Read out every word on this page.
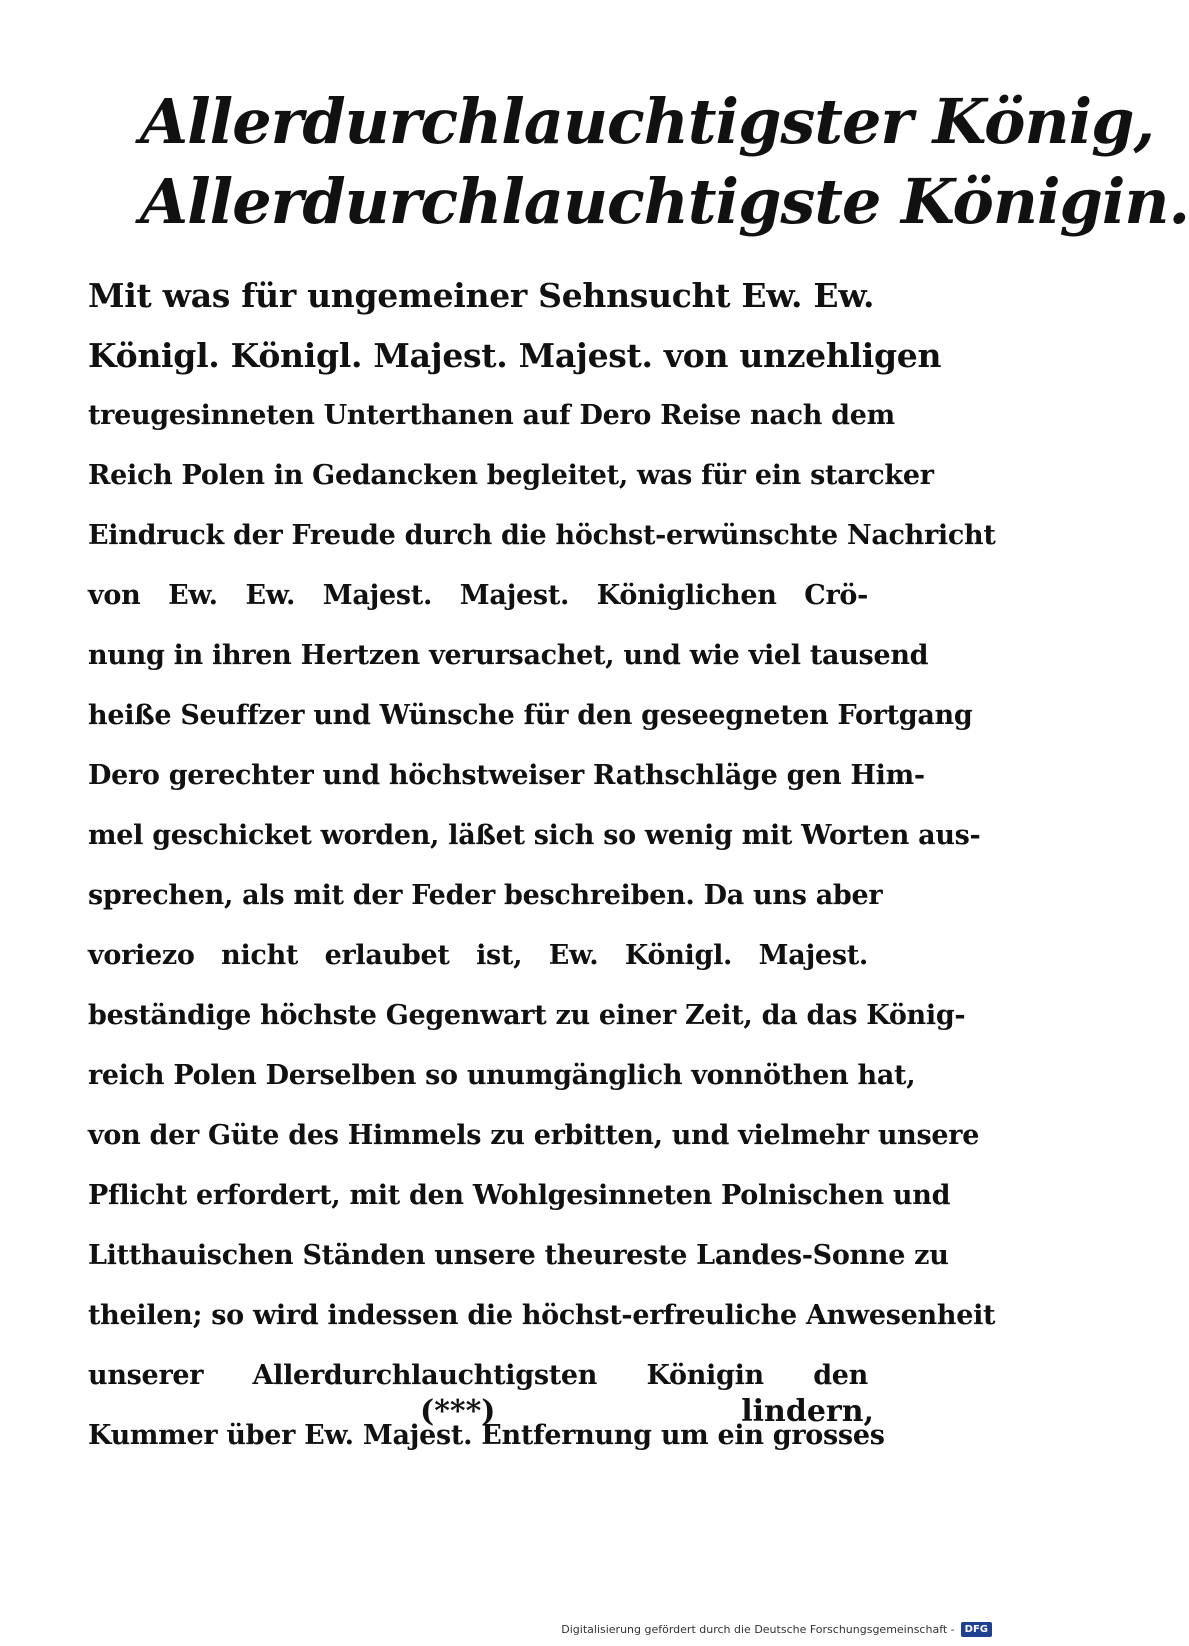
Allerdurchlauchtigster König,
Allerdurchlauchtigste Königin.
Mit was für ungemeiner Sehnsucht Ew. Ew.
Königl. Königl. Majest. Majest. von unzehligen
treugesinneten Unterthanen auf Dero Reise nach dem
Reich Polen in Gedancken begleitet, was für ein starcker
Eindruck der Freude durch die höchst-erwünschte Nachricht
von Ew. Ew. Majest. Majest. Königlichen Crö-
nung in ihren Hertzen verursachet, und wie viel tausend
heiße Seuffzer und Wünsche für den geseegneten Fortgang
Dero gerechter und höchstweiser Rathschläge gen Him-
mel geschicket worden, läßet sich so wenig mit Worten aus-
sprechen, als mit der Feder beschreiben. Da uns aber
voriezo nicht erlaubet ist, Ew. Königl. Majest.
beständige höchste Gegenwart zu einer Zeit, da das König-
reich Polen Derselben so unumgänglich vonnöthen hat,
von der Güte des Himmels zu erbitten, und vielmehr unsere
Pflicht erfordert, mit den Wohlgesinneten Polnischen und
Litthauischen Ständen unsere theureste Landes-Sonne zu
theilen; so wird indessen die höchst-erfreuliche Anwesenheit
unserer Allerdurchlauchtigsten Königin den
Kummer über Ew. Majest. Entfernung um ein grosses
(***)	lindern,
Digitalisierung gefördert durch die Deutsche Forschungsgemeinschaft -	DFG
